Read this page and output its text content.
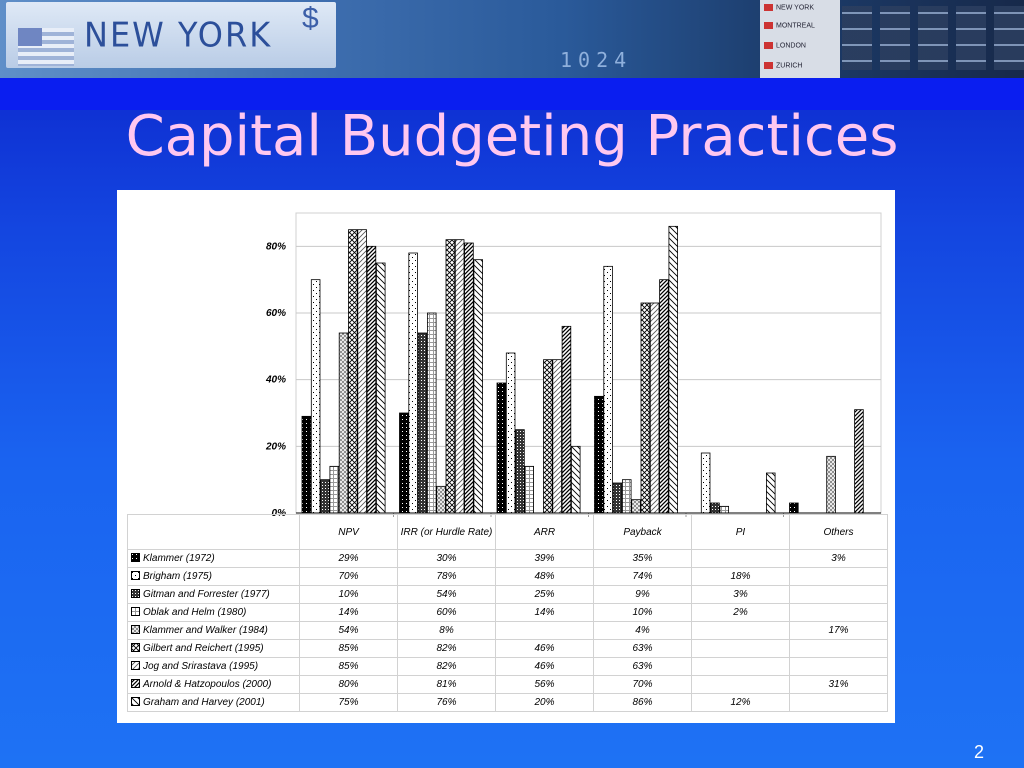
NEW YORK $
1024
NEW YORK
MONTREAL
LONDON
ZURICH
Capital Budgeting Practices
0%
20%
40%
60%
80%
	NPV	IRR (or Hurdle Rate)	ARR	Payback	PI	Others
Klammer (1972)	29%	30%	39%	35%		3%
Brigham (1975)	70%	78%	48%	74%	18%	
Gitman and Forrester (1977)	10%	54%	25%	9%	3%	
Oblak and Helm (1980)	14%	60%	14%	10%	2%	
Klammer and Walker (1984)	54%	8%		4%		17%
Gilbert and Reichert (1995)	85%	82%	46%	63%		
Jog and Srirastava (1995)	85%	82%	46%	63%		
Arnold & Hatzopoulos (2000)	80%	81%	56%	70%		31%
Graham and Harvey (2001)	75%	76%	20%	86%	12%	
2
